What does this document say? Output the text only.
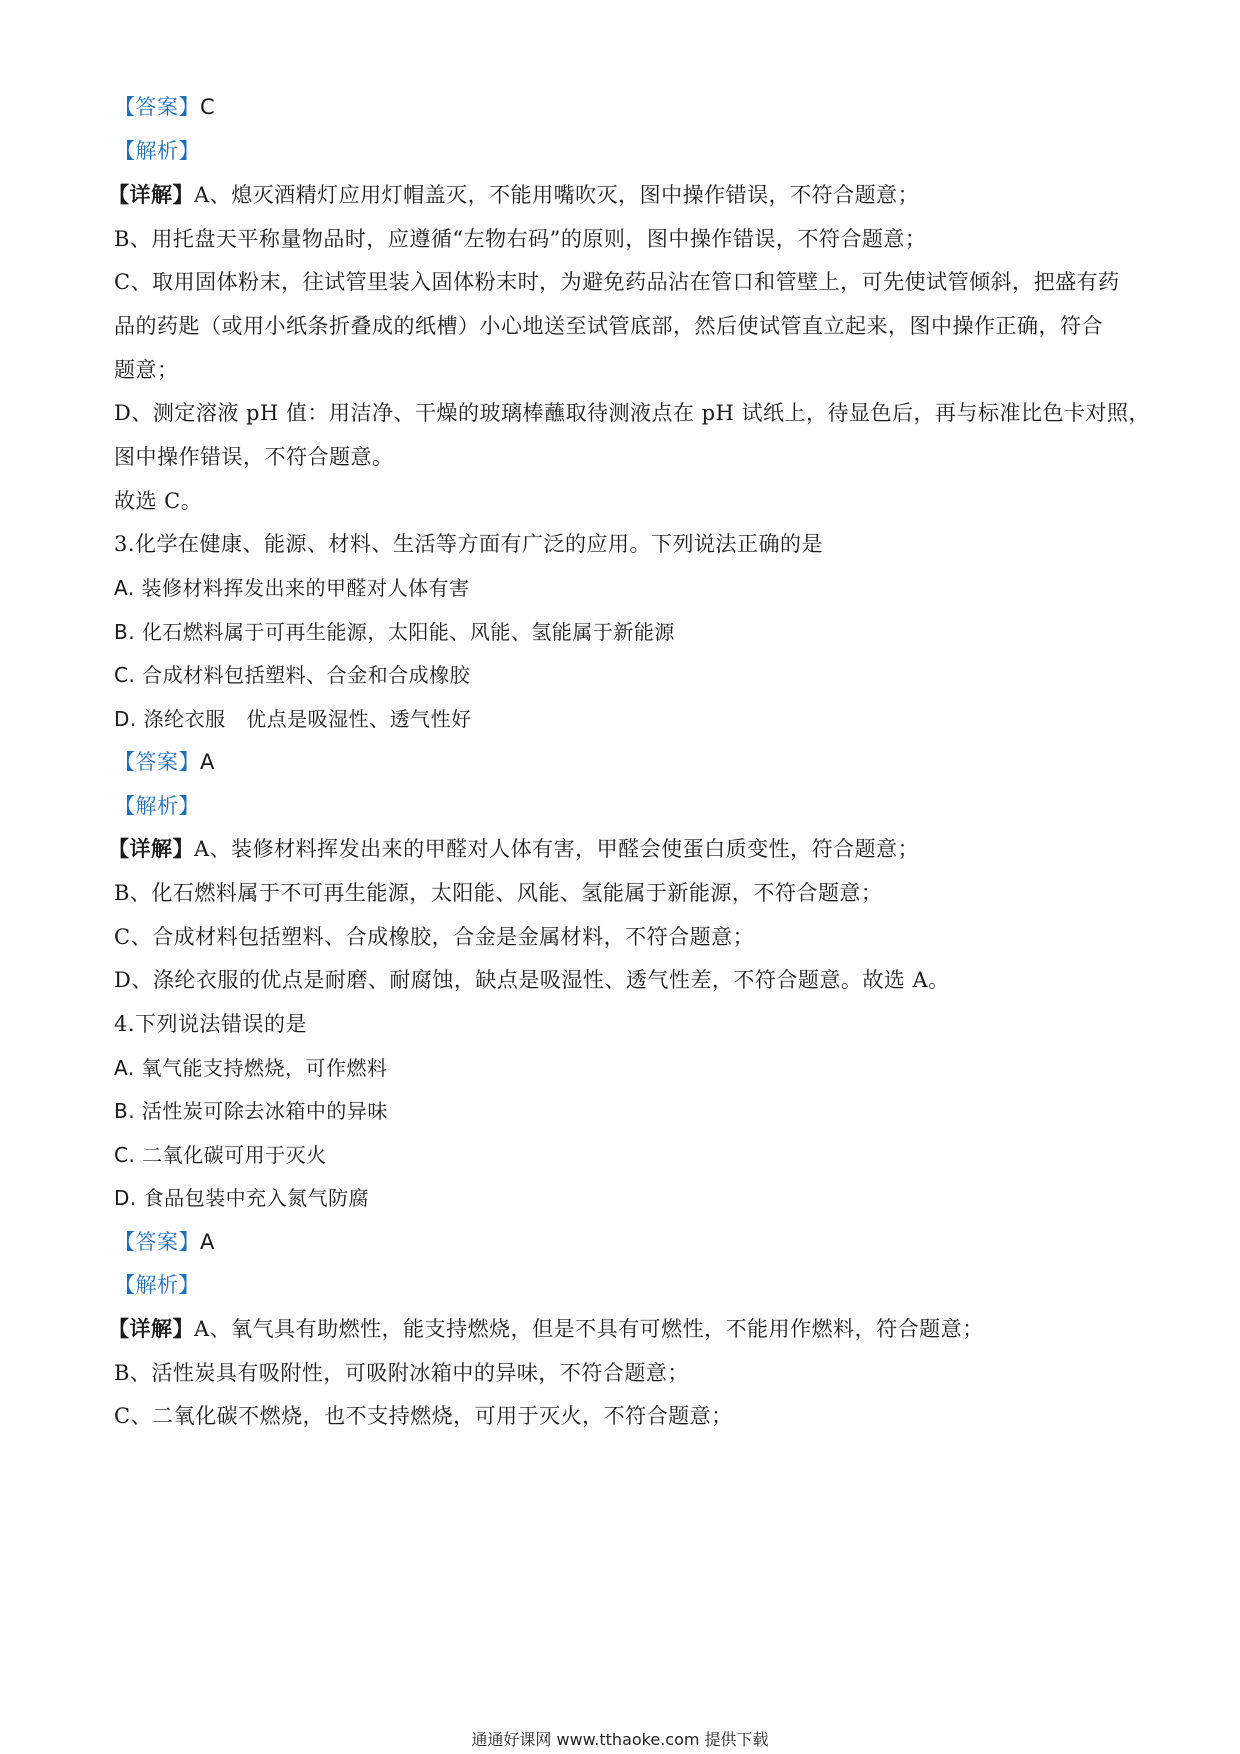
【答案】C
【解析】
【详解】A、熄灭酒精灯应用灯帽盖灭，不能用嘴吹灭，图中操作错误，不符合题意；
B、用托盘天平称量物品时，应遵循“左物右码”的原则，图中操作错误，不符合题意；
C、取用固体粉末，往试管里装入固体粉末时，为避免药品沾在管口和管壁上，可先使试管倾斜，把盛有药
品的药匙（或用小纸条折叠成的纸槽）小心地送至试管底部，然后使试管直立起来，图中操作正确，符合
题意；
D、测定溶液 pH 值：用洁净、干燥的玻璃棒蘸取待测液点在 pH 试纸上，待显色后，再与标准比色卡对照，
图中操作错误，不符合题意。
故选 C。
3.化学在健康、能源、材料、生活等方面有广泛的应用。下列说法正确的是
A. 装修材料挥发出来的甲醛对人体有害
B. 化石燃料属于可再生能源，太阳能、风能、氢能属于新能源
C. 合成材料包括塑料、合金和合成橡胶
D. 涤纶衣服　优点是吸湿性、透气性好
【答案】A
【解析】
【详解】A、装修材料挥发出来的甲醛对人体有害，甲醛会使蛋白质变性，符合题意；
B、化石燃料属于不可再生能源，太阳能、风能、氢能属于新能源，不符合题意；
C、合成材料包括塑料、合成橡胶，合金是金属材料，不符合题意；
D、涤纶衣服的优点是耐磨、耐腐蚀，缺点是吸湿性、透气性差，不符合题意。故选 A。
4.下列说法错误的是
A. 氧气能支持燃烧，可作燃料
B. 活性炭可除去冰箱中的异味
C. 二氧化碳可用于灭火
D. 食品包装中充入氮气防腐
【答案】A
【解析】
【详解】A、氧气具有助燃性，能支持燃烧，但是不具有可燃性，不能用作燃料，符合题意；
B、活性炭具有吸附性，可吸附冰箱中的异味，不符合题意；
C、二氧化碳不燃烧，也不支持燃烧，可用于灭火，不符合题意；
通通好课网 www.tthaoke.com 提供下载
